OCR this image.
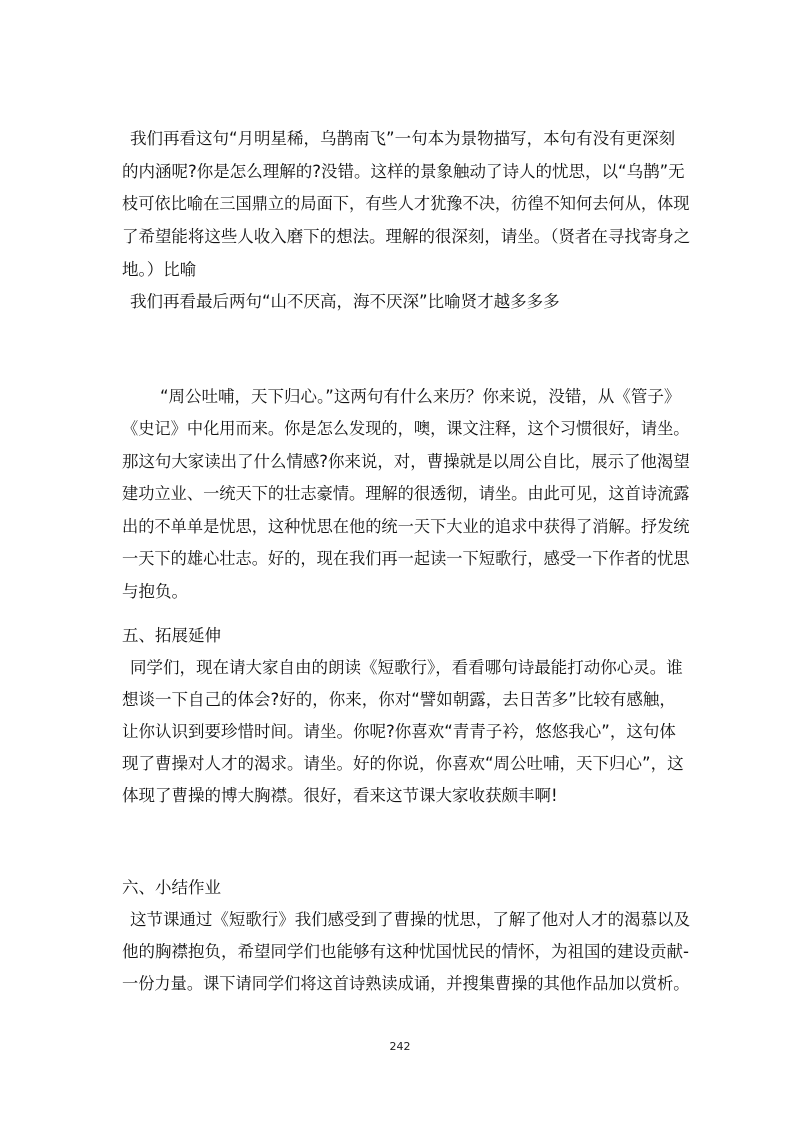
我们再看这句“月明星稀，乌鹊南飞”一句本为景物描写，本句有没有更深刻
的内涵呢?你是怎么理解的?没错。这样的景象触动了诗人的忧思，以“乌鹊”无
枝可依比喻在三国鼎立的局面下，有些人才犹豫不决，彷徨不知何去何从，体现
了希望能将这些人收入磨下的想法。理解的很深刻，请坐。（贤者在寻找寄身之
地。）比喻
我们再看最后两句“山不厌高，海不厌深”比喻贤才越多多多
“周公吐哺，天下归心。”这两句有什么来历？你来说，没错，从《管子》
《史记》中化用而来。你是怎么发现的，噢，课文注释，这个习惯很好，请坐。
那这句大家读出了什么情感?你来说，对，曹操就是以周公自比，展示了他渴望
建功立业、一统天下的壮志豪情。理解的很透彻，请坐。由此可见，这首诗流露
出的不单单是忧思，这种忧思在他的统一天下大业的追求中获得了消解。抒发统
一天下的雄心壮志。好的，现在我们再一起读一下短歌行，感受一下作者的忧思
与抱负。
五、拓展延伸
同学们，现在请大家自由的朗读《短歌行》，看看哪句诗最能打动你心灵。谁
想谈一下自己的体会?好的，你来，你对“譬如朝露，去日苦多”比较有感触，
让你认识到要珍惜时间。请坐。你呢?你喜欢“青青子衿，悠悠我心”，这句体
现了曹操对人才的渴求。请坐。好的你说，你喜欢“周公吐哺，天下归心”，这
体现了曹操的博大胸襟。很好，看来这节课大家收获颇丰啊!
六、小结作业
这节课通过《短歌行》我们感受到了曹操的忧思，了解了他对人才的渴慕以及
他的胸襟抱负，希望同学们也能够有这种忧国忧民的情怀，为祖国的建设贡献-
一份力量。课下请同学们将这首诗熟读成诵，并搜集曹操的其他作品加以赏析。
242
